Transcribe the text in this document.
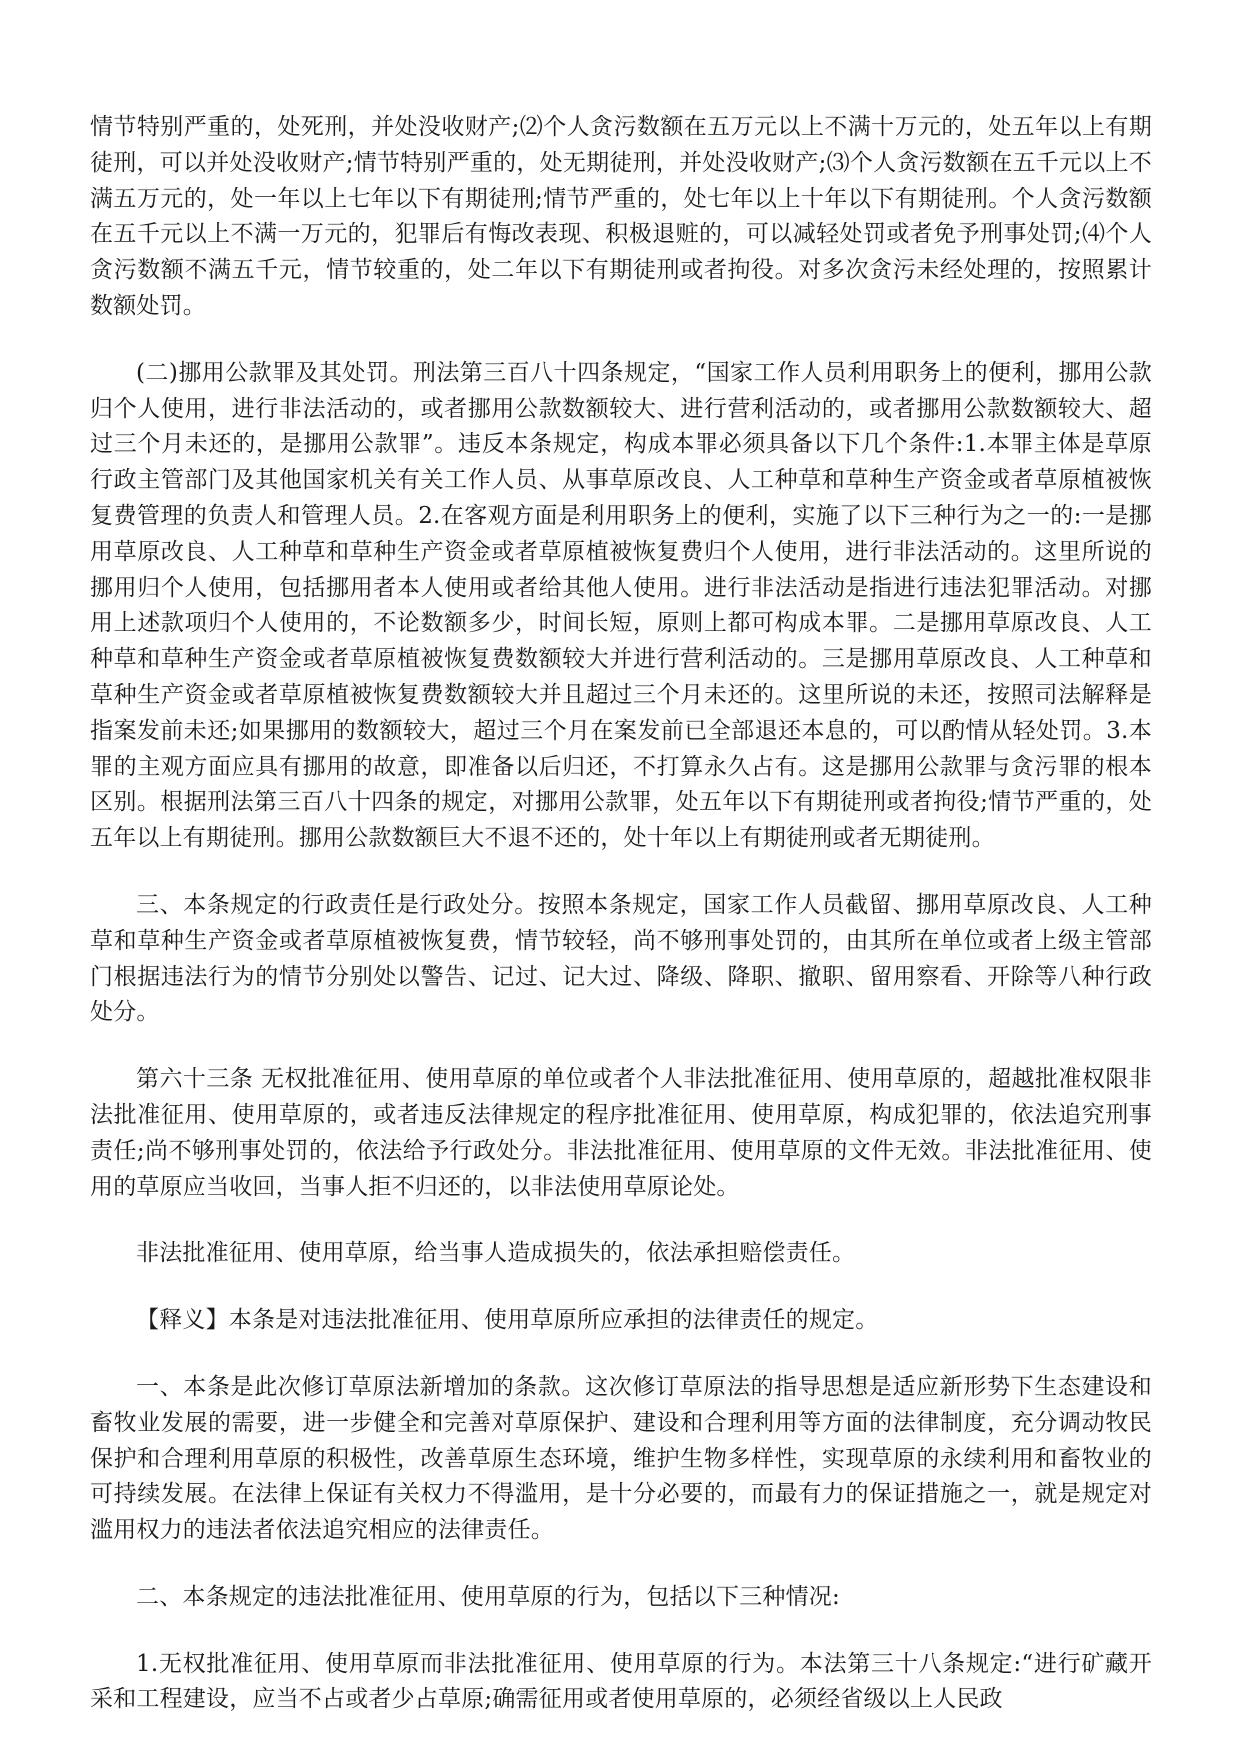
情节特别严重的，处死刑，并处没收财产;⑵个人贪污数额在五万元以上不满十万元的，处五年以上有期徒刑，可以并处没收财产;情节特别严重的，处无期徒刑，并处没收财产;⑶个人贪污数额在五千元以上不满五万元的，处一年以上七年以下有期徒刑;情节严重的，处七年以上十年以下有期徒刑。个人贪污数额在五千元以上不满一万元的，犯罪后有悔改表现、积极退赃的，可以减轻处罚或者免予刑事处罚;⑷个人贪污数额不满五千元，情节较重的，处二年以下有期徒刑或者拘役。对多次贪污未经处理的，按照累计数额处罚。

(二)挪用公款罪及其处罚。刑法第三百八十四条规定，“国家工作人员利用职务上的便利，挪用公款归个人使用，进行非法活动的，或者挪用公款数额较大、进行营利活动的，或者挪用公款数额较大、超过三个月未还的，是挪用公款罪”。违反本条规定，构成本罪必须具备以下几个条件:1.本罪主体是草原行政主管部门及其他国家机关有关工作人员、从事草原改良、人工种草和草种生产资金或者草原植被恢复费管理的负责人和管理人员。2.在客观方面是利用职务上的便利，实施了以下三种行为之一的:一是挪用草原改良、人工种草和草种生产资金或者草原植被恢复费归个人使用，进行非法活动的。这里所说的挪用归个人使用，包括挪用者本人使用或者给其他人使用。进行非法活动是指进行违法犯罪活动。对挪用上述款项归个人使用的，不论数额多少，时间长短，原则上都可构成本罪。二是挪用草原改良、人工种草和草种生产资金或者草原植被恢复费数额较大并进行营利活动的。三是挪用草原改良、人工种草和草种生产资金或者草原植被恢复费数额较大并且超过三个月未还的。这里所说的未还，按照司法解释是指案发前未还;如果挪用的数额较大，超过三个月在案发前已全部退还本息的，可以酌情从轻处罚。3.本罪的主观方面应具有挪用的故意，即准备以后归还，不打算永久占有。这是挪用公款罪与贪污罪的根本区别。根据刑法第三百八十四条的规定，对挪用公款罪，处五年以下有期徒刑或者拘役;情节严重的，处五年以上有期徒刑。挪用公款数额巨大不退不还的，处十年以上有期徒刑或者无期徒刑。

三、本条规定的行政责任是行政处分。按照本条规定，国家工作人员截留、挪用草原改良、人工种草和草种生产资金或者草原植被恢复费，情节较轻，尚不够刑事处罚的，由其所在单位或者上级主管部门根据违法行为的情节分别处以警告、记过、记大过、降级、降职、撤职、留用察看、开除等八种行政处分。

第六十三条 无权批准征用、使用草原的单位或者个人非法批准征用、使用草原的，超越批准权限非法批准征用、使用草原的，或者违反法律规定的程序批准征用、使用草原，构成犯罪的，依法追究刑事责任;尚不够刑事处罚的，依法给予行政处分。非法批准征用、使用草原的文件无效。非法批准征用、使用的草原应当收回，当事人拒不归还的，以非法使用草原论处。

非法批准征用、使用草原，给当事人造成损失的，依法承担赔偿责任。

【释义】本条是对违法批准征用、使用草原所应承担的法律责任的规定。

一、本条是此次修订草原法新增加的条款。这次修订草原法的指导思想是适应新形势下生态建设和畜牧业发展的需要，进一步健全和完善对草原保护、建设和合理利用等方面的法律制度，充分调动牧民保护和合理利用草原的积极性，改善草原生态环境，维护生物多样性，实现草原的永续利用和畜牧业的可持续发展。在法律上保证有关权力不得滥用，是十分必要的，而最有力的保证措施之一，就是规定对滥用权力的违法者依法追究相应的法律责任。

二、本条规定的违法批准征用、使用草原的行为，包括以下三种情况:

1.无权批准征用、使用草原而非法批准征用、使用草原的行为。本法第三十八条规定:“进行矿藏开采和工程建设，应当不占或者少占草原;确需征用或者使用草原的，必须经省级以上人民政
